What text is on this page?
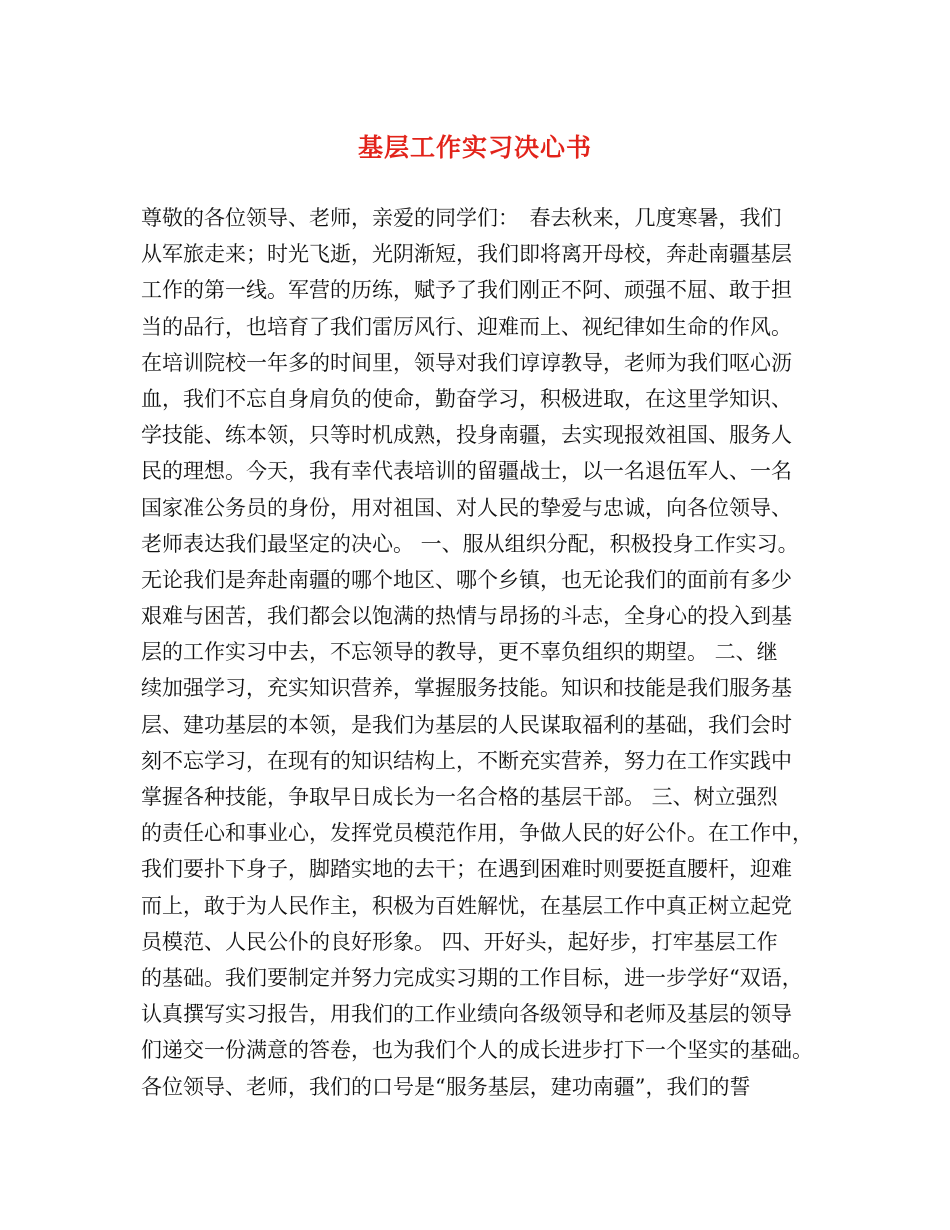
基层工作实习决心书
尊敬的各位领导、老师，亲爱的同学们：　春去秋来，几度寒暑，我们
从军旅走来；时光飞逝，光阴渐短，我们即将离开母校，奔赴南疆基层
工作的第一线。军营的历练，赋予了我们刚正不阿、顽强不屈、敢于担
当的品行，也培育了我们雷厉风行、迎难而上、视纪律如生命的作风。
在培训院校一年多的时间里，领导对我们谆谆教导，老师为我们呕心沥
血，我们不忘自身肩负的使命，勤奋学习，积极进取，在这里学知识、
学技能、练本领，只等时机成熟，投身南疆，去实现报效祖国、服务人
民的理想。今天，我有幸代表培训的留疆战士，以一名退伍军人、一名
国家准公务员的身份，用对祖国、对人民的挚爱与忠诚，向各位领导、
老师表达我们最坚定的决心。 一、服从组织分配，积极投身工作实习。
无论我们是奔赴南疆的哪个地区、哪个乡镇，也无论我们的面前有多少
艰难与困苦，我们都会以饱满的热情与昂扬的斗志，全身心的投入到基
层的工作实习中去，不忘领导的教导，更不辜负组织的期望。 二、继
续加强学习，充实知识营养，掌握服务技能。知识和技能是我们服务基
层、建功基层的本领，是我们为基层的人民谋取福利的基础，我们会时
刻不忘学习，在现有的知识结构上，不断充实营养，努力在工作实践中
掌握各种技能，争取早日成长为一名合格的基层干部。 三、树立强烈
的责任心和事业心，发挥党员模范作用，争做人民的好公仆。在工作中，
我们要扑下身子，脚踏实地的去干；在遇到困难时则要挺直腰杆，迎难
而上，敢于为人民作主，积极为百姓解忧，在基层工作中真正树立起党
员模范、人民公仆的良好形象。 四、开好头，起好步，打牢基层工作
的基础。我们要制定并努力完成实习期的工作目标，进一步学好“双语，
认真撰写实习报告，用我们的工作业绩向各级领导和老师及基层的领导
们递交一份满意的答卷，也为我们个人的成长进步打下一个坚实的基础。
各位领导、老师，我们的口号是“服务基层，建功南疆”，我们的誓
